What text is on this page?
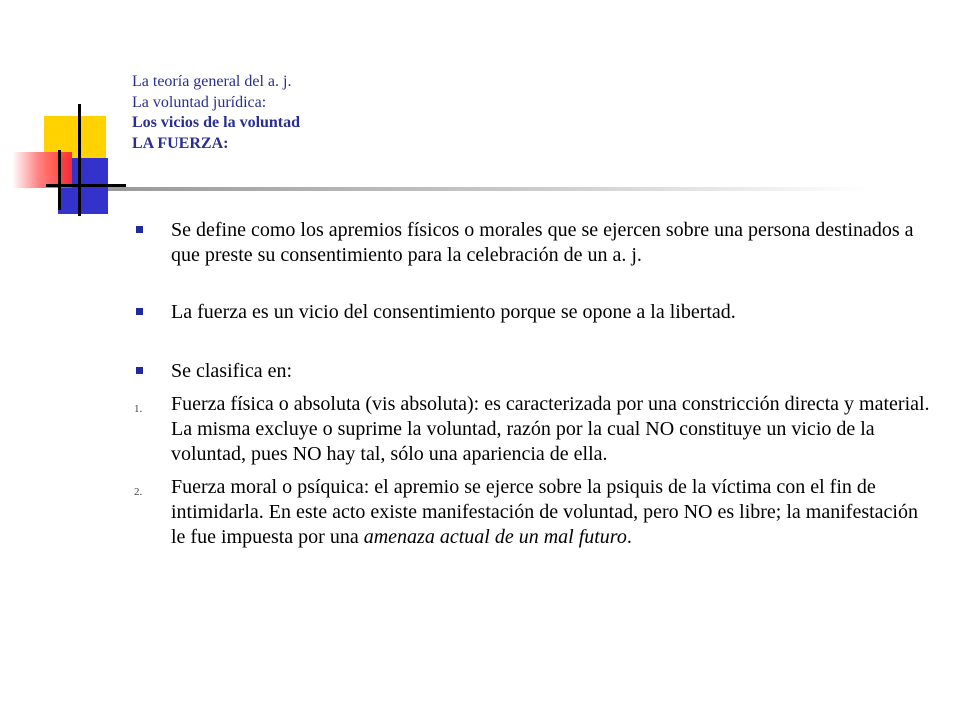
La teoría general del a. j.
La voluntad jurídica:
Los vicios de la voluntad
LA FUERZA:
Se define como los apremios físicos o morales que se ejercen sobre una persona destinados a que preste su consentimiento para la celebración de un a. j.
La fuerza es un vicio del consentimiento porque se opone a la libertad.
Se clasifica en:
1. Fuerza física o absoluta (vis absoluta): es caracterizada por una constricción directa y material. La misma excluye o suprime la voluntad, razón por la cual NO constituye un vicio de la voluntad, pues NO hay tal, sólo una apariencia de ella.
2. Fuerza moral o psíquica: el apremio se ejerce sobre la psiquis de la víctima con el fin de intimidarla. En este acto existe manifestación de voluntad, pero NO es libre; la manifestación le fue impuesta por una amenaza actual de un mal futuro.
